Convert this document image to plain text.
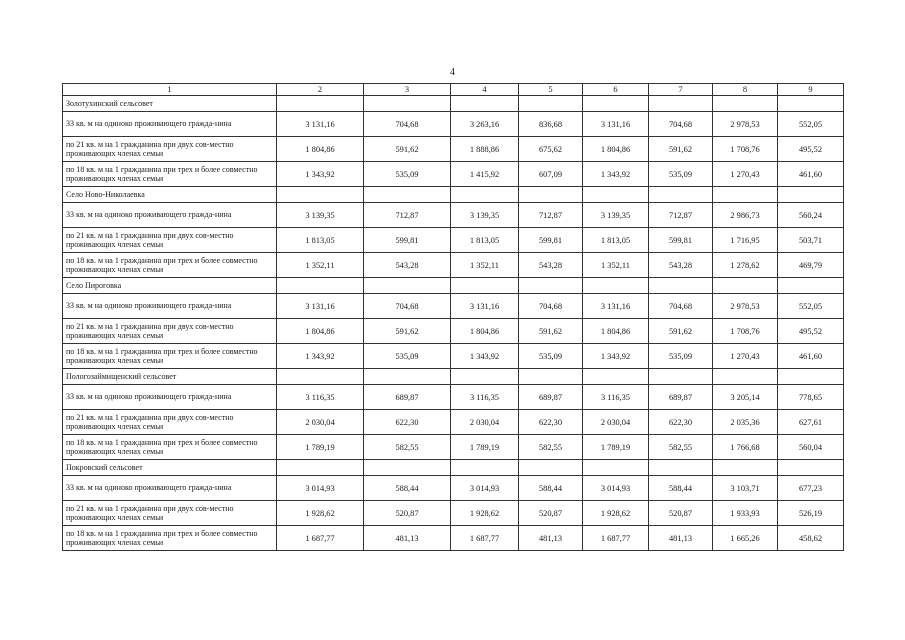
4
1	2	3	4	5	6	7	8	9
Золотухинский сельсовет								
33 кв. м на одиноко проживающего гражда-нина	3 131,16	704,68	3 263,16	836,68	3 131,16	704,68	2 978,53	552,05
по 21 кв. м на 1 гражданина при двух сов-местно проживающих членах семьи	1 804,86	591,62	1 888,86	675,62	1 804,86	591,62	1 708,76	495,52
по 18 кв. м на 1 гражданина при трех и более совместно проживающих членах семьи	1 343,92	535,09	1 415,92	607,09	1 343,92	535,09	1 270,43	461,60
Село Ново-Николаевка								
33 кв. м на одиноко проживающего гражда-нина	3 139,35	712,87	3 139,35	712,87	3 139,35	712,87	2 986,73	560,24
по 21 кв. м на 1 гражданина при двух сов-местно проживающих членах семьи	1 813,05	599,81	1 813,05	599,81	1 813,05	599,81	1 716,95	503,71
по 18 кв. м на 1 гражданина при трех и более совместно проживающих членах семьи	1 352,11	543,28	1 352,11	543,28	1 352,11	543,28	1 278,62	469,79
Село Пироговка								
33 кв. м на одиноко проживающего гражда-нина	3 131,16	704,68	3 131,16	704,68	3 131,16	704,68	2 978,53	552,05
по 21 кв. м на 1 гражданина при двух сов-местно проживающих членах семьи	1 804,86	591,62	1 804,86	591,62	1 804,86	591,62	1 708,76	495,52
по 18 кв. м на 1 гражданина при трех и более совместно проживающих членах семьи	1 343,92	535,09	1 343,92	535,09	1 343,92	535,09	1 270,43	461,60
Пологозаймищенский сельсовет								
33 кв. м на одиноко проживающего гражда-нина	3 116,35	689,87	3 116,35	689,87	3 116,35	689,87	3 205,14	778,65
по 21 кв. м на 1 гражданина при двух сов-местно проживающих членах семьи	2 030,04	622,30	2 030,04	622,30	2 030,04	622,30	2 035,36	627,61
по 18 кв. м на 1 гражданина при трех и более совместно проживающих членах семьи	1 789,19	582,55	1 789,19	582,55	1 789,19	582,55	1 766,68	560,04
Покровский сельсовет								
33 кв. м на одиноко проживающего гражда-нина	3 014,93	588,44	3 014,93	588,44	3 014,93	588,44	3 103,71	677,23
по 21 кв. м на 1 гражданина при двух сов-местно проживающих членах семьи	1 928,62	520,87	1 928,62	520,87	1 928,62	520,87	1 933,93	526,19
по 18 кв. м на 1 гражданина при трех и более совместно проживающих членах семьи	1 687,77	481,13	1 687,77	481,13	1 687,77	481,13	1 665,26	458,62
